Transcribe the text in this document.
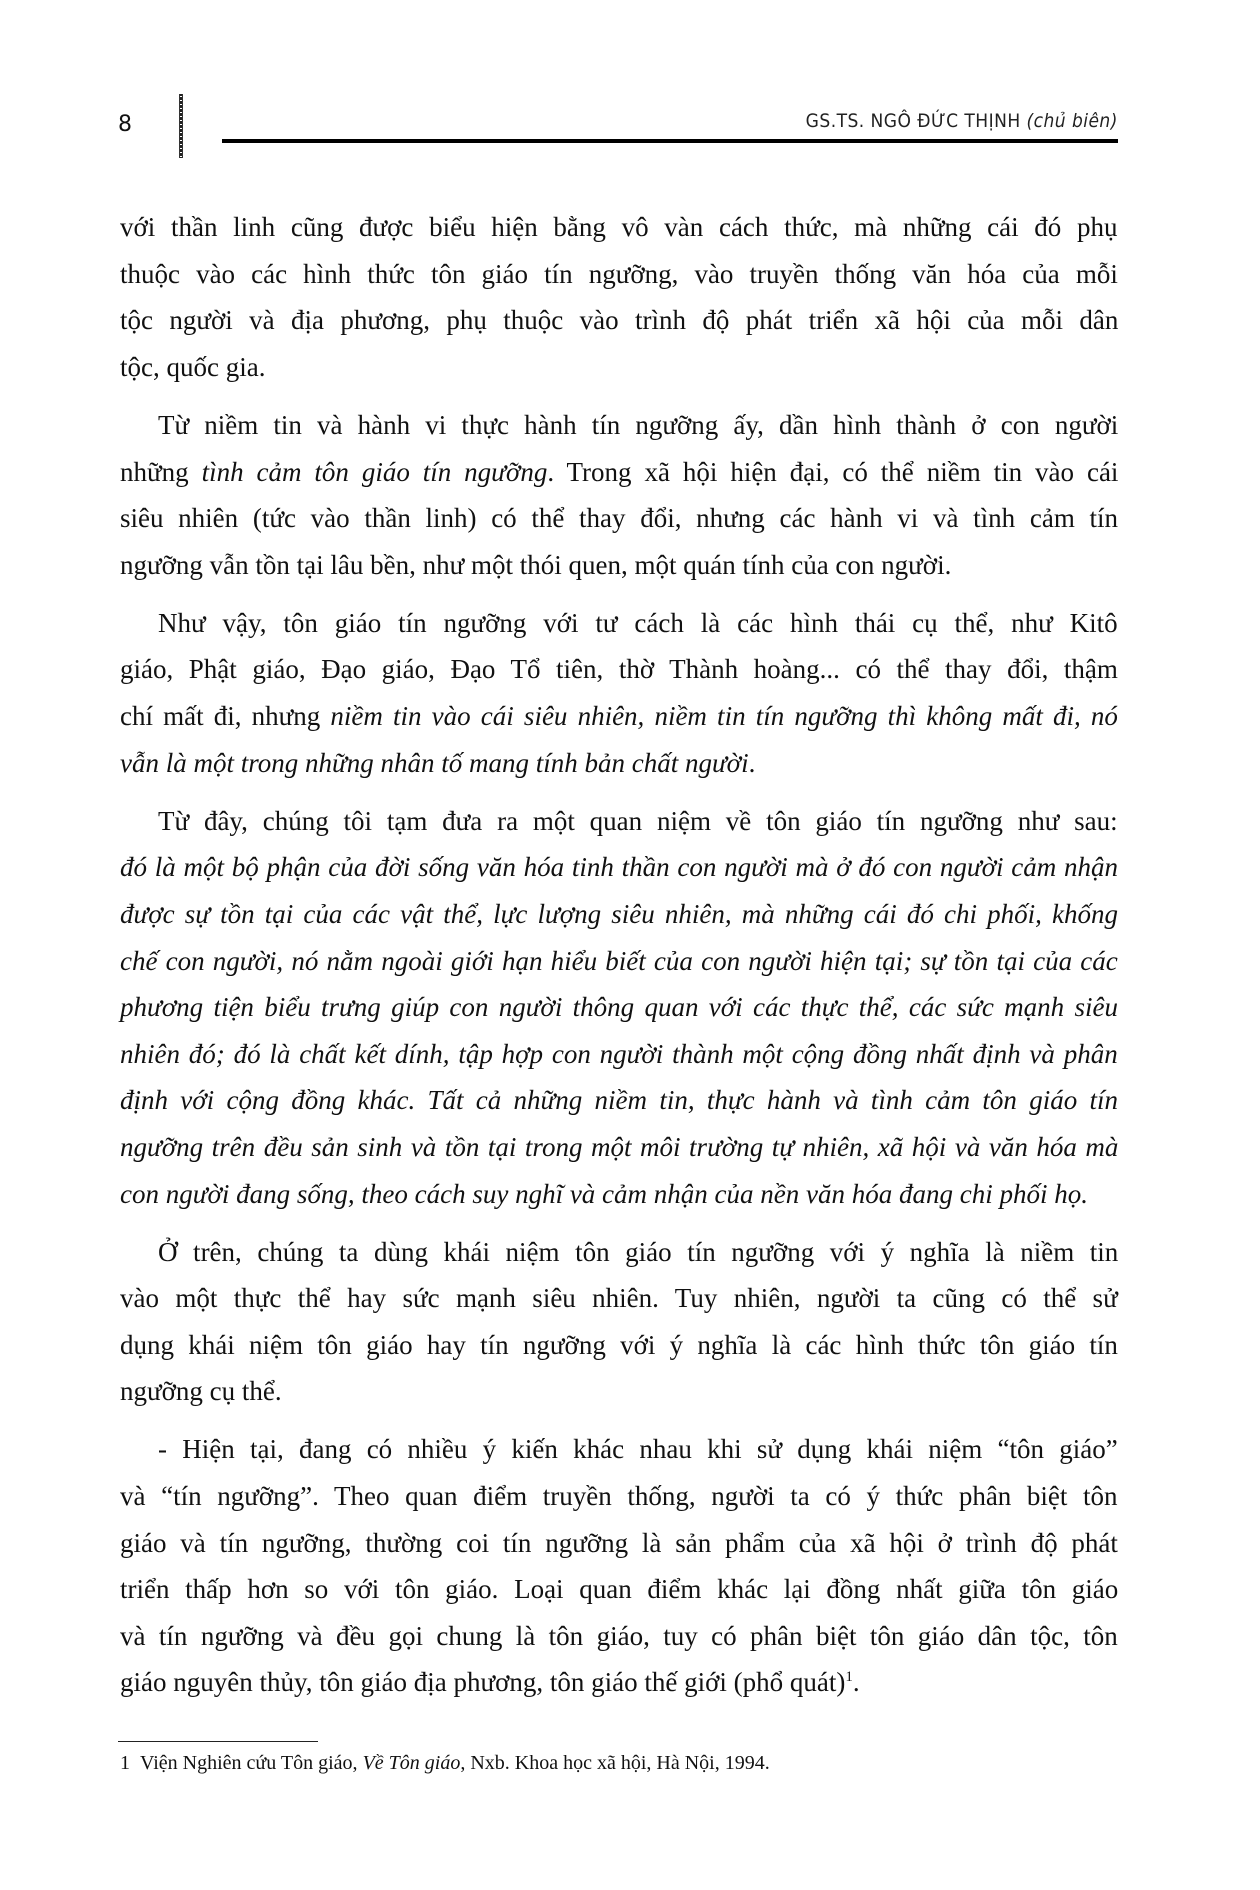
8	GS.TS. NGÔ ĐỨC THỊNH (chủ biên)
với thần linh cũng được biểu hiện bằng vô vàn cách thức, mà những cái đó phụ
thuộc vào các hình thức tôn giáo tín ngưỡng, vào truyền thống văn hóa của mỗi
tộc người và địa phương, phụ thuộc vào trình độ phát triển xã hội của mỗi dân
tộc, quốc gia.
Từ niềm tin và hành vi thực hành tín ngưỡng ấy, dần hình thành ở con người
những tình cảm tôn giáo tín ngưỡng. Trong xã hội hiện đại, có thể niềm tin vào cái
siêu nhiên (tức vào thần linh) có thể thay đổi, nhưng các hành vi và tình cảm tín
ngưỡng vẫn tồn tại lâu bền, như một thói quen, một quán tính của con người.
Như vậy, tôn giáo tín ngưỡng với tư cách là các hình thái cụ thể, như Kitô
giáo, Phật giáo, Đạo giáo, Đạo Tổ tiên, thờ Thành hoàng... có thể thay đổi, thậm
chí mất đi, nhưng niềm tin vào cái siêu nhiên, niềm tin tín ngưỡng thì không mất đi, nó
vẫn là một trong những nhân tố mang tính bản chất người.
Từ đây, chúng tôi tạm đưa ra một quan niệm về tôn giáo tín ngưỡng như sau:
đó là một bộ phận của đời sống văn hóa tinh thần con người mà ở đó con người cảm nhận
được sự tồn tại của các vật thể, lực lượng siêu nhiên, mà những cái đó chi phối, khống
chế con người, nó nằm ngoài giới hạn hiểu biết của con người hiện tại; sự tồn tại của các
phương tiện biểu trưng giúp con người thông quan với các thực thể, các sức mạnh siêu
nhiên đó; đó là chất kết dính, tập hợp con người thành một cộng đồng nhất định và phân
định với cộng đồng khác. Tất cả những niềm tin, thực hành và tình cảm tôn giáo tín
ngưỡng trên đều sản sinh và tồn tại trong một môi trường tự nhiên, xã hội và văn hóa mà
con người đang sống, theo cách suy nghĩ và cảm nhận của nền văn hóa đang chi phối họ.
Ở trên, chúng ta dùng khái niệm tôn giáo tín ngưỡng với ý nghĩa là niềm tin
vào một thực thể hay sức mạnh siêu nhiên. Tuy nhiên, người ta cũng có thể sử
dụng khái niệm tôn giáo hay tín ngưỡng với ý nghĩa là các hình thức tôn giáo tín
ngưỡng cụ thể.
- Hiện tại, đang có nhiều ý kiến khác nhau khi sử dụng khái niệm “tôn giáo”
và “tín ngưỡng”. Theo quan điểm truyền thống, người ta có ý thức phân biệt tôn
giáo và tín ngưỡng, thường coi tín ngưỡng là sản phẩm của xã hội ở trình độ phát
triển thấp hơn so với tôn giáo. Loại quan điểm khác lại đồng nhất giữa tôn giáo
và tín ngưỡng và đều gọi chung là tôn giáo, tuy có phân biệt tôn giáo dân tộc, tôn
giáo nguyên thủy, tôn giáo địa phương, tôn giáo thế giới (phổ quát)$^1$.
1 Viện Nghiên cứu Tôn giáo, Về Tôn giáo, Nxb. Khoa học xã hội, Hà Nội, 1994.
